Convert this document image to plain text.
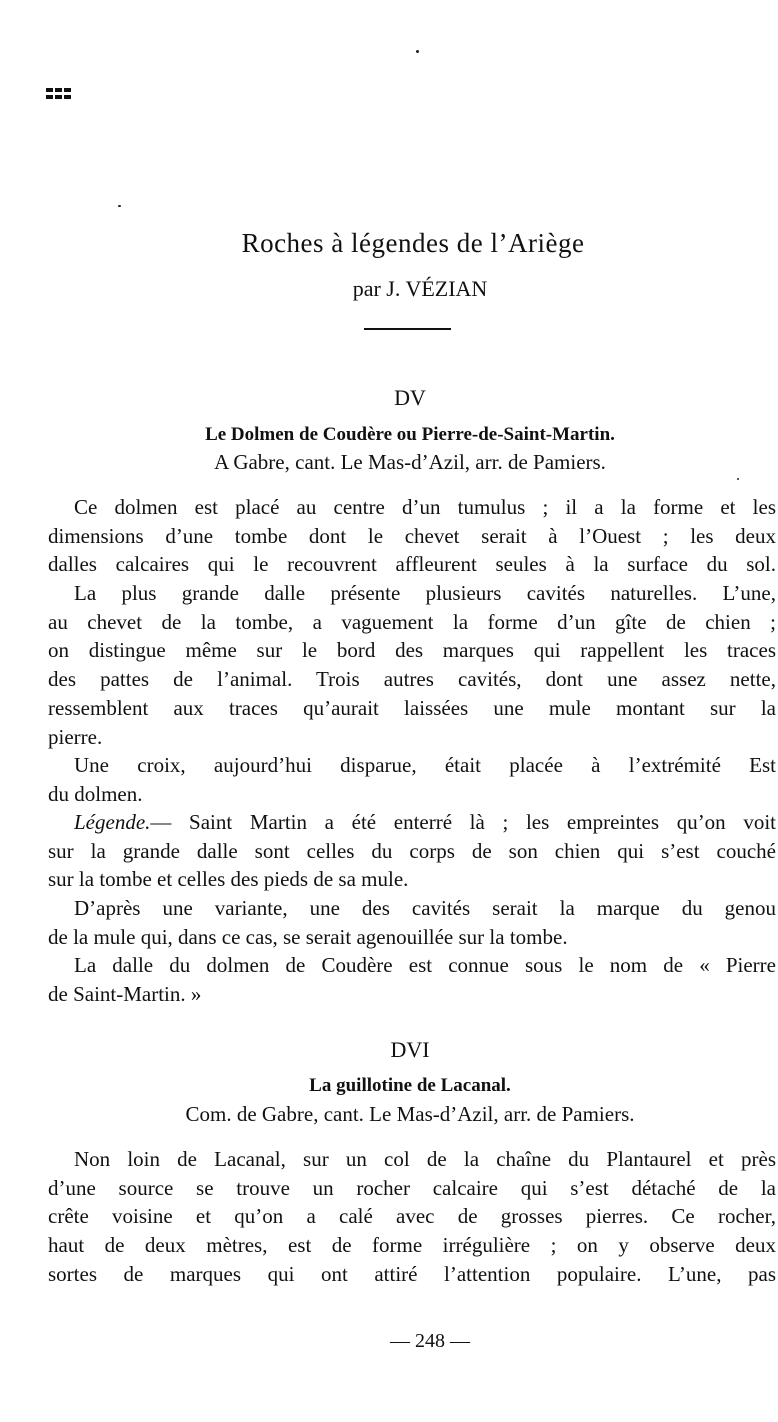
Roches à légendes de l’Ariège
par J. VÉZIAN
DV
Le Dolmen de Coudère ou Pierre-de-Saint-Martin.
A Gabre, cant. Le Mas-d’Azil, arr. de Pamiers.
Ce dolmen est placé au centre d’un tumulus ; il a la forme et les
dimensions d’une tombe dont le chevet serait à l’Ouest ; les deux
dalles calcaires qui le recouvrent affleurent seules à la surface du sol.
La plus grande dalle présente plusieurs cavités naturelles. L’une,
au chevet de la tombe, a vaguement la forme d’un gîte de chien ;
on distingue même sur le bord des marques qui rappellent les traces
des pattes de l’animal. Trois autres cavités, dont une assez nette,
ressemblent aux traces qu’aurait laissées une mule montant sur la
pierre.
Une croix, aujourd’hui disparue, était placée à l’extrémité Est
du dolmen.
Légende.— Saint Martin a été enterré là ; les empreintes qu’on voit
sur la grande dalle sont celles du corps de son chien qui s’est couché
sur la tombe et celles des pieds de sa mule.
D’après une variante, une des cavités serait la marque du genou
de la mule qui, dans ce cas, se serait agenouillée sur la tombe.
La dalle du dolmen de Coudère est connue sous le nom de « Pierre
de Saint-Martin. »
DVI
La guillotine de Lacanal.
Com. de Gabre, cant. Le Mas-d’Azil, arr. de Pamiers.
Non loin de Lacanal, sur un col de la chaîne du Plantaurel et près
d’une source se trouve un rocher calcaire qui s’est détaché de la
crête voisine et qu’on a calé avec de grosses pierres. Ce rocher,
haut de deux mètres, est de forme irrégulière ; on y observe deux
sortes de marques qui ont attiré l’attention populaire. L’une, pas
— 248 —
